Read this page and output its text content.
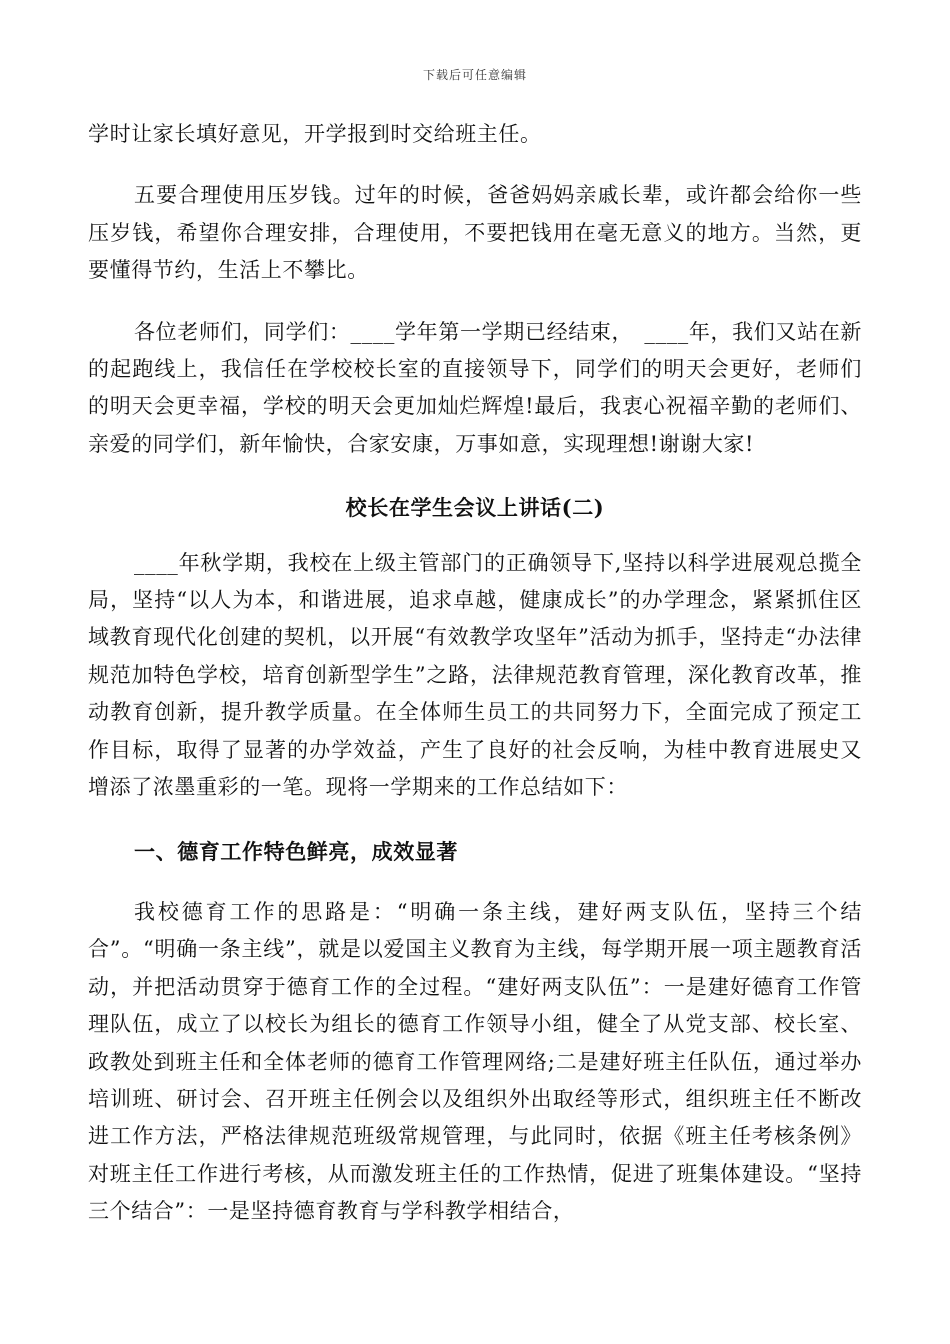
下载后可任意编辑

学时让家长填好意见，开学报到时交给班主任。

五要合理使用压岁钱。过年的时候，爸爸妈妈亲戚长辈，或许都会给你一些压岁钱，希望你合理安排，合理使用，不要把钱用在毫无意义的地方。当然，更要懂得节约，生活上不攀比。

各位老师们，同学们：____学年第一学期已经结束，　____年，我们又站在新的起跑线上，我信任在学校校长室的直接领导下，同学们的明天会更好，老师们的明天会更幸福，学校的明天会更加灿烂辉煌!最后，我衷心祝福辛勤的老师们、亲爱的同学们，新年愉快，合家安康，万事如意，实现理想!谢谢大家!

校长在学生会议上讲话(二)

____年秋学期，我校在上级主管部门的正确领导下,坚持以科学进展观总揽全局，坚持“以人为本，和谐进展，追求卓越，健康成长”的办学理念，紧紧抓住区域教育现代化创建的契机，以开展“有效教学攻坚年”活动为抓手，坚持走“办法律规范加特色学校，培育创新型学生”之路，法律规范教育管理，深化教育改革，推动教育创新，提升教学质量。在全体师生员工的共同努力下，全面完成了预定工作目标，取得了显著的办学效益，产生了良好的社会反响，为桂中教育进展史又增添了浓墨重彩的一笔。现将一学期来的工作总结如下：

一、德育工作特色鲜亮，成效显著

我校德育工作的思路是：“明确一条主线，建好两支队伍，坚持三个结合”。“明确一条主线”，就是以爱国主义教育为主线，每学期开展一项主题教育活动，并把活动贯穿于德育工作的全过程。“建好两支队伍”：一是建好德育工作管理队伍，成立了以校长为组长的德育工作领导小组，健全了从党支部、校长室、政教处到班主任和全体老师的德育工作管理网络;二是建好班主任队伍，通过举办培训班、研讨会、召开班主任例会以及组织外出取经等形式，组织班主任不断改进工作方法，严格法律规范班级常规管理，与此同时，依据《班主任考核条例》对班主任工作进行考核，从而激发班主任的工作热情，促进了班集体建设。“坚持三个结合”：一是坚持德育教育与学科教学相结合，
